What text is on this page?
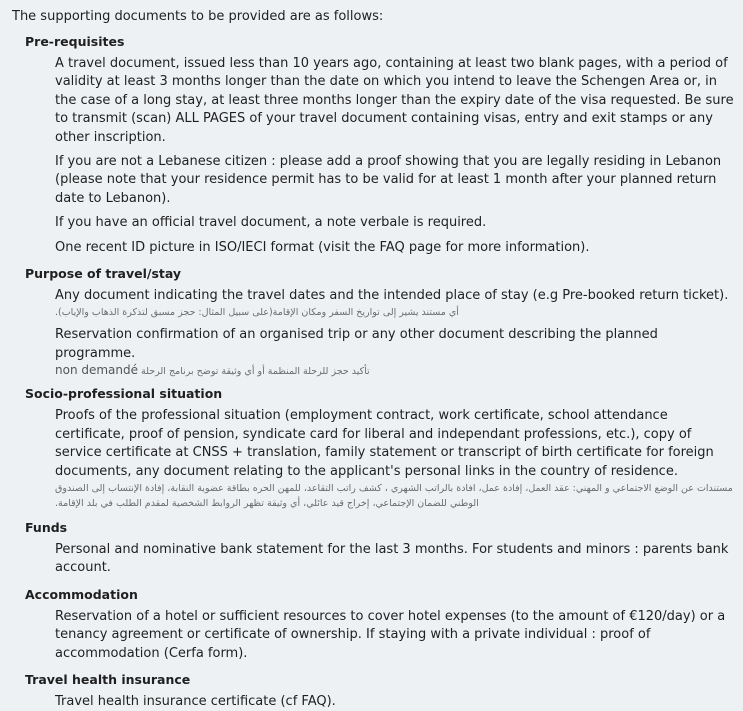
The supporting documents to be provided are as follows:

Pre-requisites

A travel document, issued less than 10 years ago, containing at least two blank pages, with a period of validity at least 3 months longer than the date on which you intend to leave the Schengen Area or, in the case of a long stay, at least three months longer than the expiry date of the visa requested. Be sure to transmit (scan) ALL PAGES of your travel document containing visas, entry and exit stamps or any other inscription.

If you are not a Lebanese citizen : please add a proof showing that you are legally residing in Lebanon (please note that your residence permit has to be valid for at least 1 month after your planned return date to Lebanon).

If you have an official travel document, a note verbale is required.

One recent ID picture in ISO/IECI format (visit the FAQ page for more information).

Purpose of travel/stay

Any document indicating the travel dates and the intended place of stay (e.g Pre-booked return ticket).

أي مستند يشير إلى تواريخ السفر ومكان الإقامة(على سبيل المثال: حجز مسبق لتذكرة الذهاب والإياب).

Reservation confirmation of an organised trip or any other document describing the planned programme.

non demandé تأكيد حجز للرحلة المنظمة أو أي وثيقة توضح برنامج الرحلة

Socio-professional situation

Proofs of the professional situation (employment contract, work certificate, school attendance certificate, proof of pension, syndicate card for liberal and independant professions, etc.), copy of service certificate at CNSS + translation, family statement or transcript of birth certificate for foreign documents, any document relating to the applicant's personal links in the country of residence.

مستندات عن الوضع الاجتماعي و المهني: عقد العمل، إفادة عمل، افادة بالراتب الشهري ، كشف راتب التقاعد، للمهن الحره بطاقة عضوية النقابة، إفادة الإنتساب إلى الصندوق

الوطني للضمان الإجتماعي، إخراج قيد عائلي، أي وثيقة تظهر الروابط الشخصية لمقدم الطلب في بلد الإقامة.

Funds

Personal and nominative bank statement for the last 3 months. For students and minors : parents bank account.

Accommodation

Reservation of a hotel or sufficient resources to cover hotel expenses (to the amount of €120/day) or a tenancy agreement or certificate of ownership. If staying with a private individual : proof of accommodation (Cerfa form).

Travel health insurance

Travel health insurance certificate (cf FAQ).
